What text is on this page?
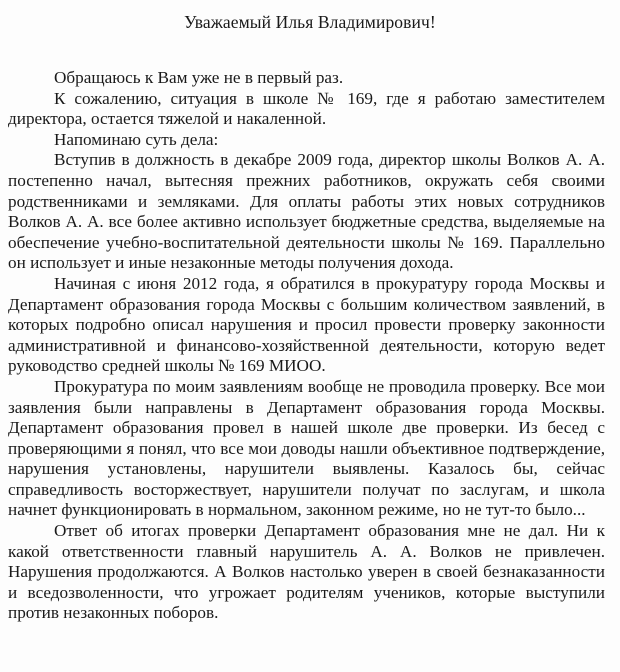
Уважаемый Илья Владимирович!

Обращаюсь к Вам уже не в первый раз.

К сожалению, ситуация в школе № 169, где я работаю заместителем директора, остается тяжелой и накаленной.

Напоминаю суть дела:

Вступив в должность в декабре 2009 года, директор школы Волков А. А. постепенно начал, вытесняя прежних работников, окружать себя своими родственниками и земляками. Для оплаты работы этих новых сотрудников Волков А. А. все более активно использует бюджетные средства, выделяемые на обеспечение учебно-воспитательной деятельности школы № 169. Параллельно он использует и иные незаконные методы получения дохода.

Начиная с июня 2012 года, я обратился в прокуратуру города Москвы и Департамент образования города Москвы с большим количеством заявлений, в которых подробно описал нарушения и просил провести проверку законности административной и финансово-хозяйственной деятельности, которую ведет руководство средней школы № 169 МИОО.

Прокуратура по моим заявлениям вообще не проводила проверку. Все мои заявления были направлены в Департамент образования города Москвы. Департамент образования провел в нашей школе две проверки. Из бесед с проверяющими я понял, что все мои доводы нашли объективное подтверждение, нарушения установлены, нарушители выявлены. Казалось бы, сейчас справедливость восторжествует, нарушители получат по заслугам, и школа начнет функционировать в нормальном, законном режиме, но не тут-то было...

Ответ об итогах проверки Департамент образования мне не дал. Ни к какой ответственности главный нарушитель А. А. Волков не привлечен. Нарушения продолжаются. А Волков настолько уверен в своей безнаказанности и вседозволенности, что угрожает родителям учеников, которые выступили против незаконных поборов.
